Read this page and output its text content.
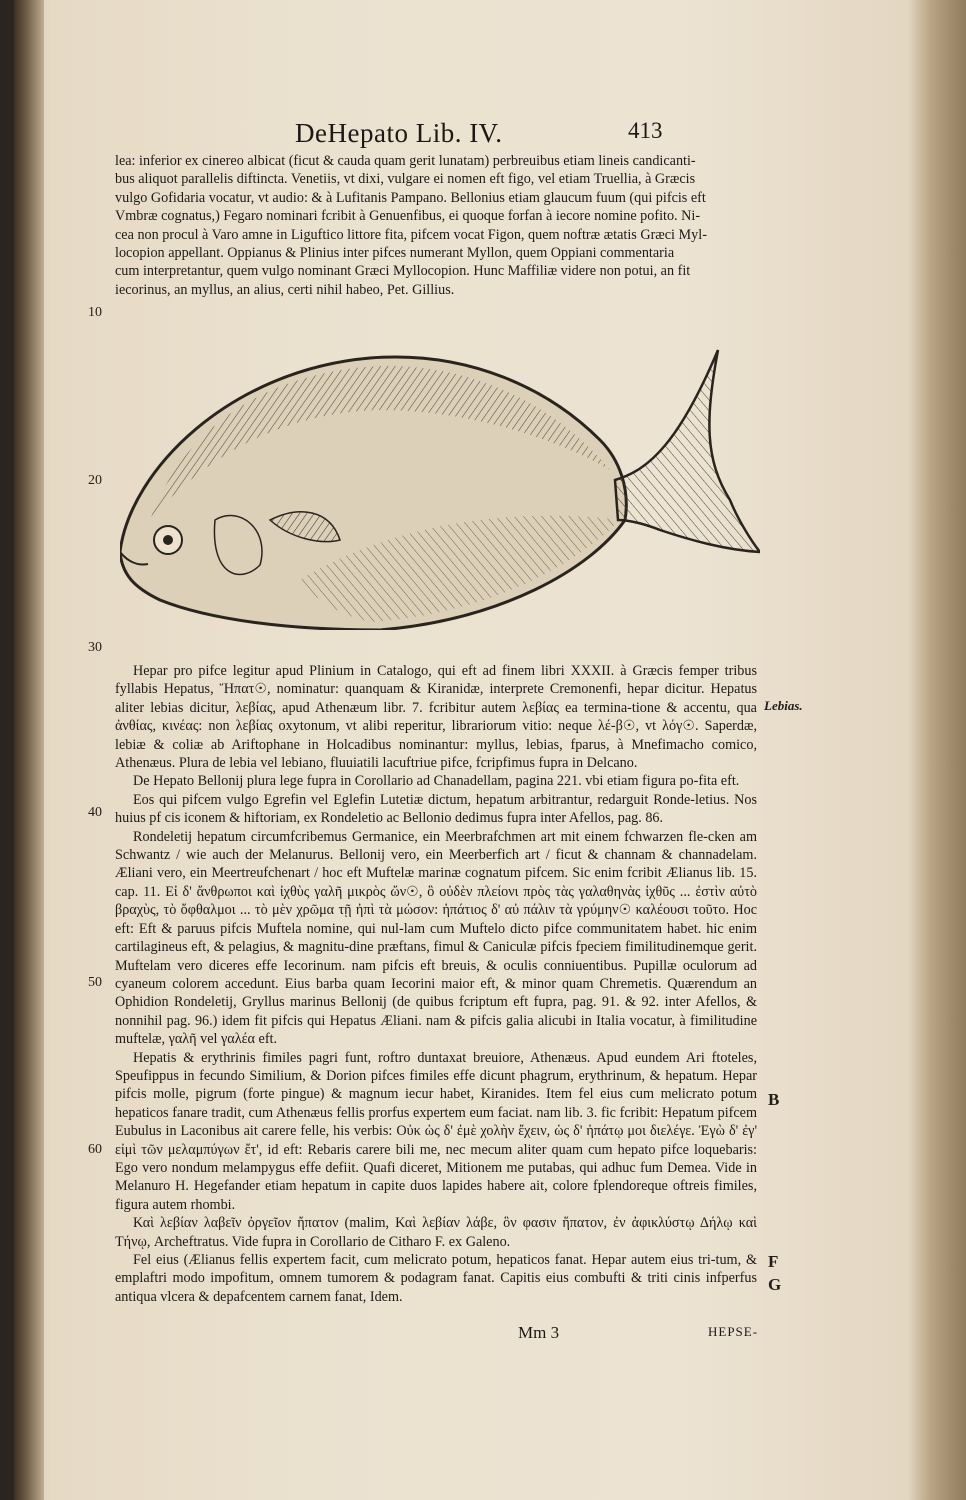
DeHepato Lib. IV.	413

lea: inferior ex cinereo albicat (ficut & cauda quam gerit lunatam) perbreuibus etiam lineis candicanti-

bus aliquot parallelis diftincta. Venetiis, vt dixi, vulgare ei nomen eft figo, vel etiam Truellia, à Græcis

vulgo Gofidaria vocatur, vt audio: & à Lufitanis Pampano. Bellonius etiam glaucum fuum (qui pifcis eft

Vmbræ cognatus,) Fegaro nominari fcribit à Genuenfibus, ei quoque forfan à iecore nomine pofito. Ni-

cea non procul à Varo amne in Liguftico littore fita, pifcem vocat Figon, quem noftræ ætatis Græci Myl-

locopion appellant. Oppianus & Plinius inter pifces numerant Myllon, quem Oppiani commentaria

cum interpretantur, quem vulgo nominant Græci Myllocopion. Hunc Maffiliæ videre non potui, an fit

iecorinus, an myllus, an alius, certi nihil habeo, Pet. Gillius.

10
20
30
40
50
60

Hepar pro pifce legitur apud Plinium in Catalogo, qui eft ad finem libri XXXII. à Græcis femper tribus fyllabis Hepatus, Ἥπατ☉, nominatur: quanquam & Kiranidæ, interprete Cremonenfi, hepar dicitur. Hepatus aliter lebias dicitur, λεβίας, apud Athenæum libr. 7. fcribitur autem λεβίας ea termina-tione & accentu, qua ἀνθίας, κινέας: non λεβίας oxytonum, vt alibi reperitur, librariorum vitio: neque λέ-β☉, vt λόγ☉. Saperdæ, lebiæ & coliæ ab Ariftophane in Holcadibus nominantur: myllus, lebias, fparus, à Mnefimacho comico, Athenæus. Plura de lebia vel lebiano, fluuiatili lacuftriue pifce, fcripfimus fupra in Delcano.

De Hepato Bellonij plura lege fupra in Corollario ad Chanadellam, pagina 221. vbi etiam figura po-fita eft.

Eos qui pifcem vulgo Egrefin vel Eglefin Lutetiæ dictum, hepatum arbitrantur, redarguit Ronde-letius. Nos huius pf cis iconem & hiftoriam, ex Rondeletio ac Bellonio dedimus fupra inter Afellos, pag. 86.

Rondeletij hepatum circumfcribemus Germanice, ein Meerbrafchmen art mit einem fchwarzen fle-cken am Schwantz / wie auch der Melanurus. Bellonij vero, ein Meerberfich art / ficut & channam & channadelam. Æliani vero, ein Meertreufchenart / hoc eft Muftelæ marinæ cognatum pifcem. Sic enim fcribit Ælianus lib. 15. cap. 11. Εἰ δ' ἄνθρωποι καὶ ἰχθὺς γαλῆ μικρὸς ὤν☉, ὃ οὐδὲν πλείονι πρὸς τὰς γαλαθηνὰς ἰχθῦς ... ἐστὶν αὐτὸ βραχὺς, τὸ ὄφθαλμοι ... τὸ μὲν χρῶμα τῇ ἠπὶ τὰ μώσον: ἡπάτιος δ' αὐ πάλιν τὰ γρύμην☉ καλέουσι τοῦτο. Hoc eft: Eft & paruus pifcis Muftela nomine, qui nul-lam cum Muftelo dicto pifce communitatem habet. hic enim cartilagineus eft, & pelagius, & magnitu-dine præftans, fimul & Caniculæ pifcis fpeciem fimilitudinemque gerit. Muftelam vero diceres effe Iecorinum. nam pifcis eft breuis, & oculis conniuentibus. Pupillæ oculorum ad cyaneum colorem accedunt. Eius barba quam Iecorini maior eft, & minor quam Chremetis. Quærendum an Ophidion Rondeletij, Gryllus marinus Bellonij (de quibus fcriptum eft fupra, pag. 91. & 92. inter Afellos, & nonnihil pag. 96.) idem fit pifcis qui Hepatus Æliani. nam & pifcis galia alicubi in Italia vocatur, à fimilitudine muftelæ, γαλῆ vel γαλέα eft.

Hepatis & erythrinis fimiles pagri funt, roftro duntaxat breuiore, Athenæus. Apud eundem Ari ftoteles, Speufippus in fecundo Similium, & Dorion pifces fimiles effe dicunt phagrum, erythrinum, & hepatum. Hepar pifcis molle, pigrum (forte pingue) & magnum iecur habet, Kiranides. Item fel eius cum melicrato potum hepaticos fanare tradit, cum Athenæus fellis prorfus expertem eum faciat. nam lib. 3. fic fcribit: Hepatum pifcem Eubulus in Laconibus ait carere felle, his verbis: Οὐκ ὡς δ' ἐμὲ χολὴν ἔχειν, ὡς δ' ἡπάτῳ μοι διελέγε. Ἐγὼ δ' ἐγ' εἰμὶ τῶν μελαμπύγων ἔτ', id eft: Rebaris carere bili me, nec mecum aliter quam cum hepato pifce loquebaris: Ego vero nondum melampygus effe defiit. Quafi diceret, Mitionem me putabas, qui adhuc fum Demea. Vide in Melanuro H. Hegefander etiam hepatum in capite duos lapides habere ait, colore fplendoreque oftreis fimiles, figura autem rhombi.

Καὶ λεβίαν λαβεῖν ὀργεῖον ἤπατον (malim, Καὶ λεβίαν λάβε, ὃν φασιν ἥπατον, ἐν ἀφικλύστῳ Δήλῳ καὶ Τήνῳ, Archeftratus. Vide fupra in Corollario de Citharo F. ex Galeno.

Fel eius (Ælianus fellis expertem facit, cum melicrato potum, hepaticos fanat. Hepar autem eius tri-tum, & emplaftri modo impofitum, omnem tumorem & podagram fanat. Capitis eius combufti & triti cinis infperfus antiqua vlcera & depafcentem carnem fanat, Idem.

Lebias.
B
F
G
Mm 3	HEPSE-
